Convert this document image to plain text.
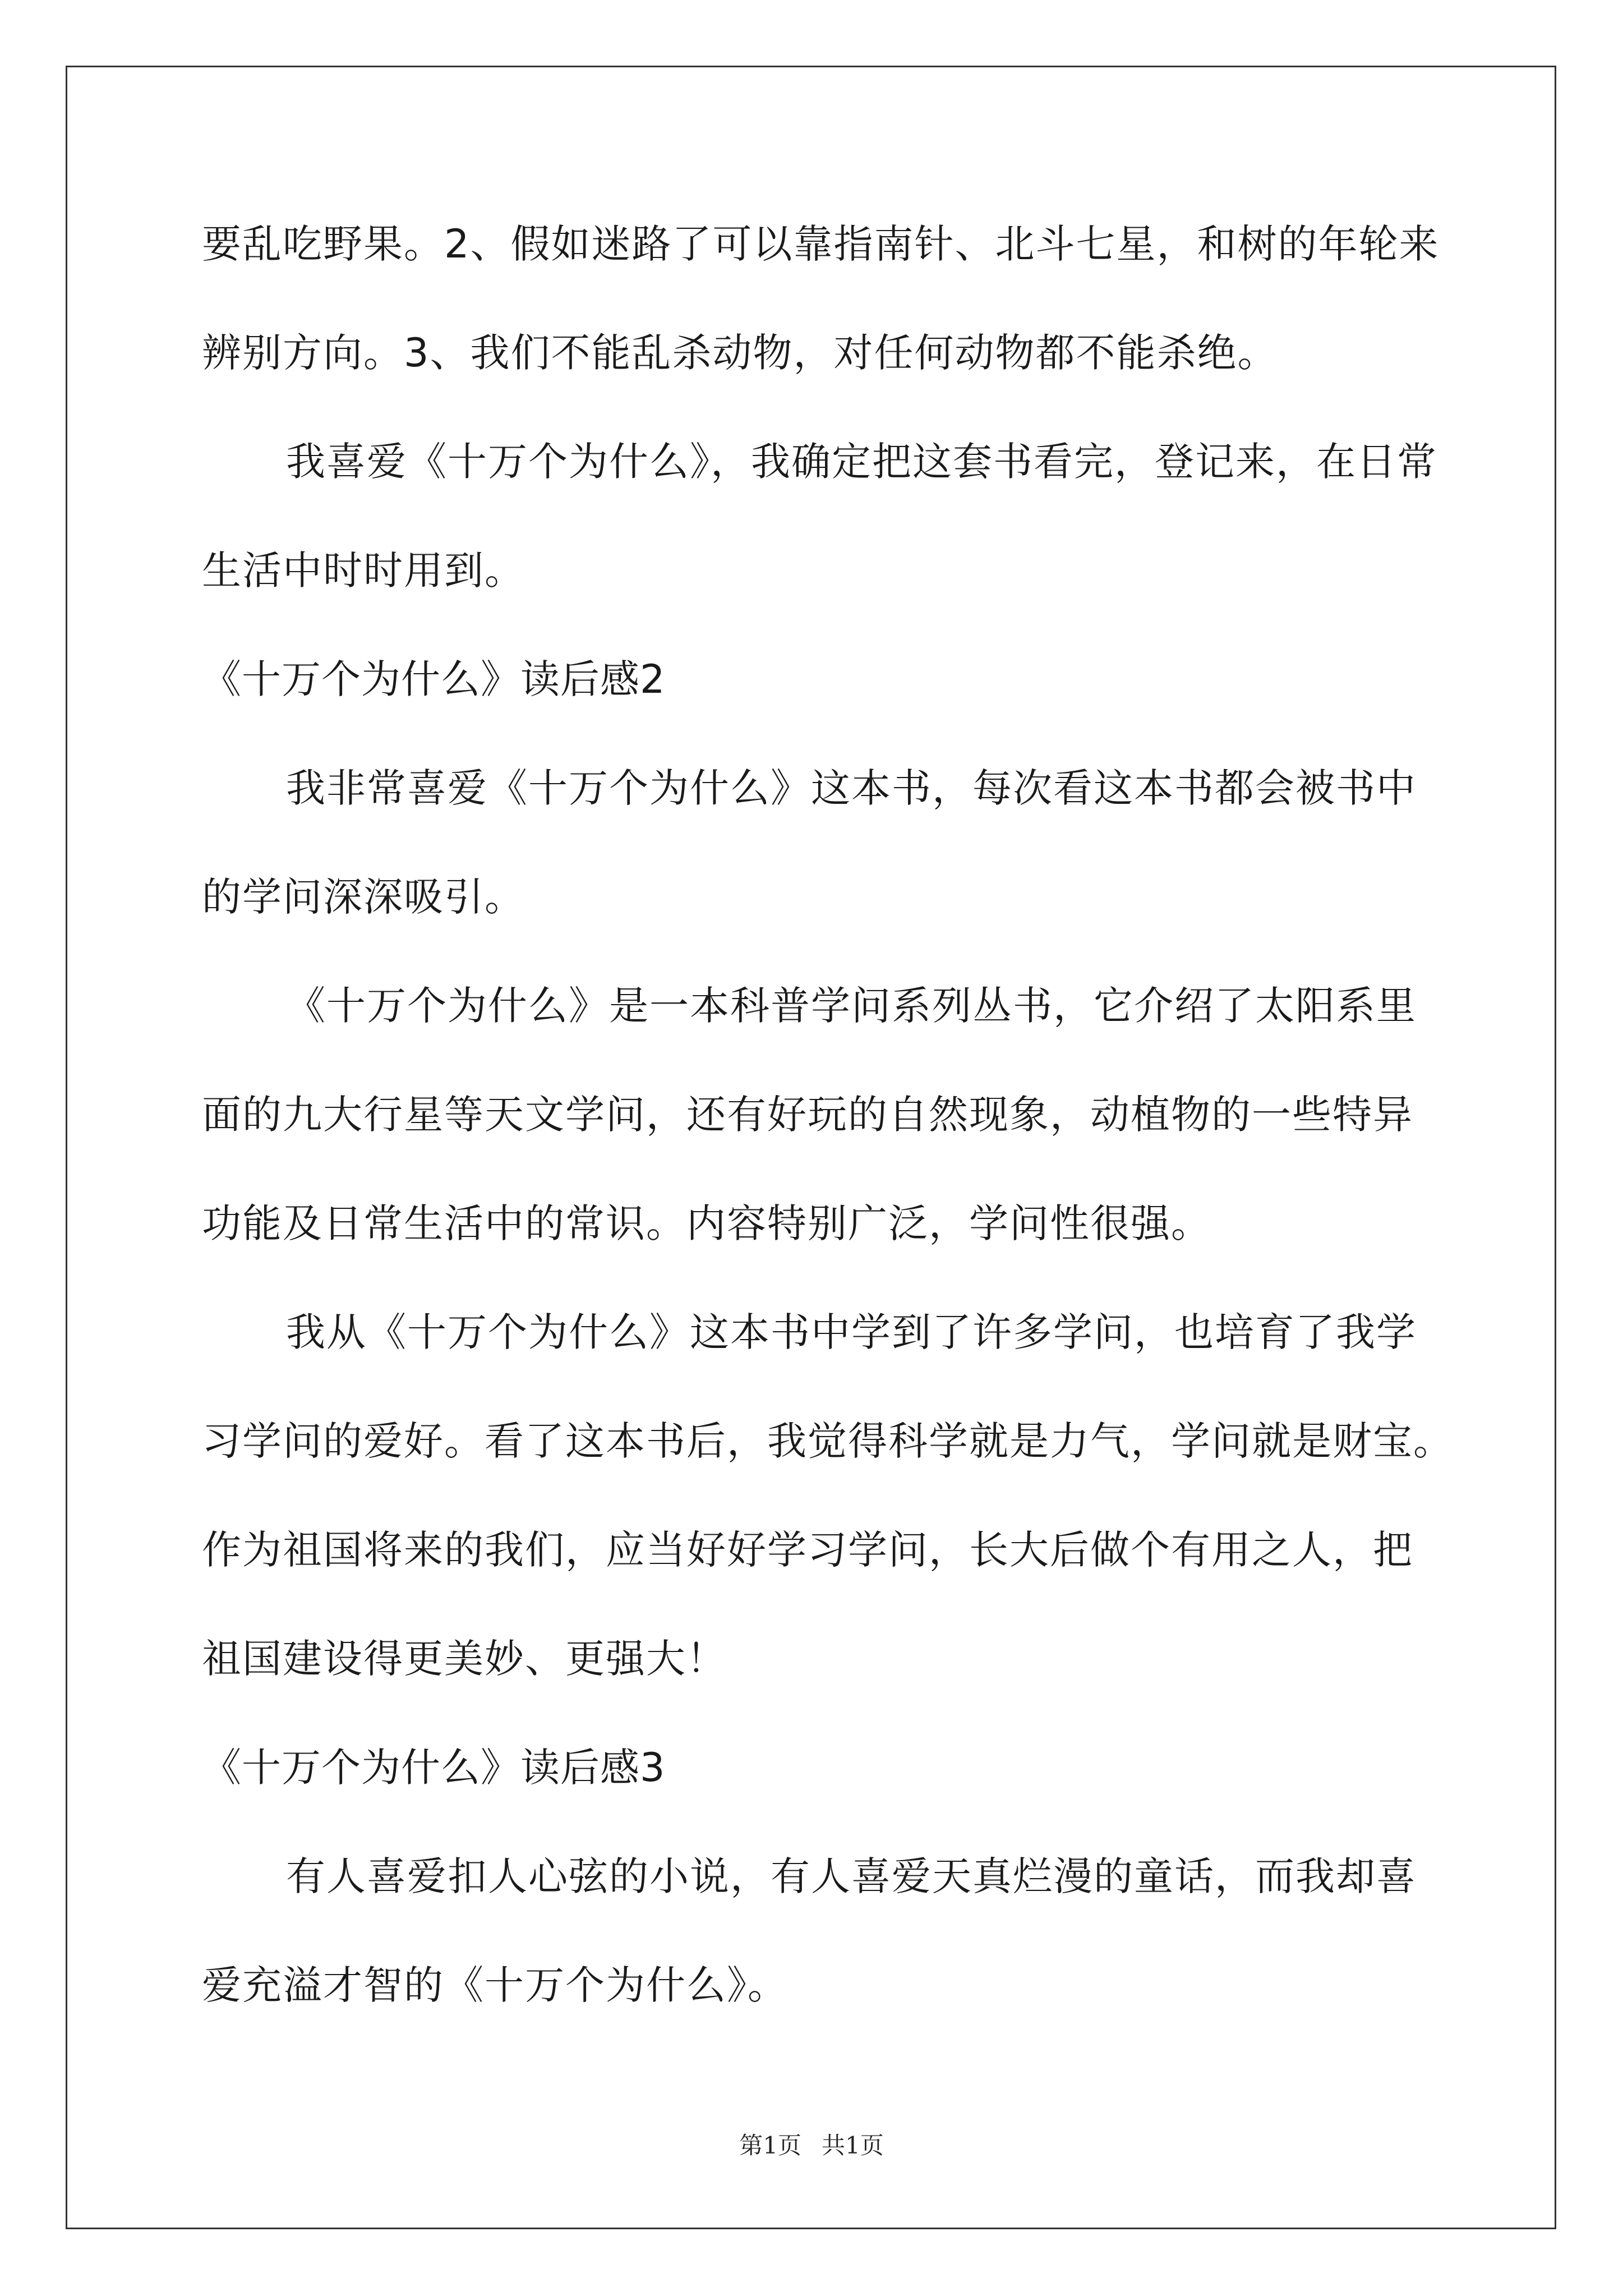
要乱吃野果。2、假如迷路了可以靠指南针、北斗七星，和树的年轮来
辨别方向。3、我们不能乱杀动物，对任何动物都不能杀绝。
我喜爱《十万个为什么》，我确定把这套书看完，登记来，在日常
生活中时时用到。
《十万个为什么》读后感2
我非常喜爱《十万个为什么》这本书，每次看这本书都会被书中
的学问深深吸引。
《十万个为什么》是一本科普学问系列丛书，它介绍了太阳系里
面的九大行星等天文学问，还有好玩的自然现象，动植物的一些特异
功能及日常生活中的常识。内容特别广泛，学问性很强。
我从《十万个为什么》这本书中学到了许多学问，也培育了我学
习学问的爱好。看了这本书后，我觉得科学就是力气，学问就是财宝。
作为祖国将来的我们，应当好好学习学问，长大后做个有用之人，把
祖国建设得更美妙、更强大！
《十万个为什么》读后感3
有人喜爱扣人心弦的小说，有人喜爱天真烂漫的童话，而我却喜
爱充溢才智的《十万个为什么》。
第1页 共1页
